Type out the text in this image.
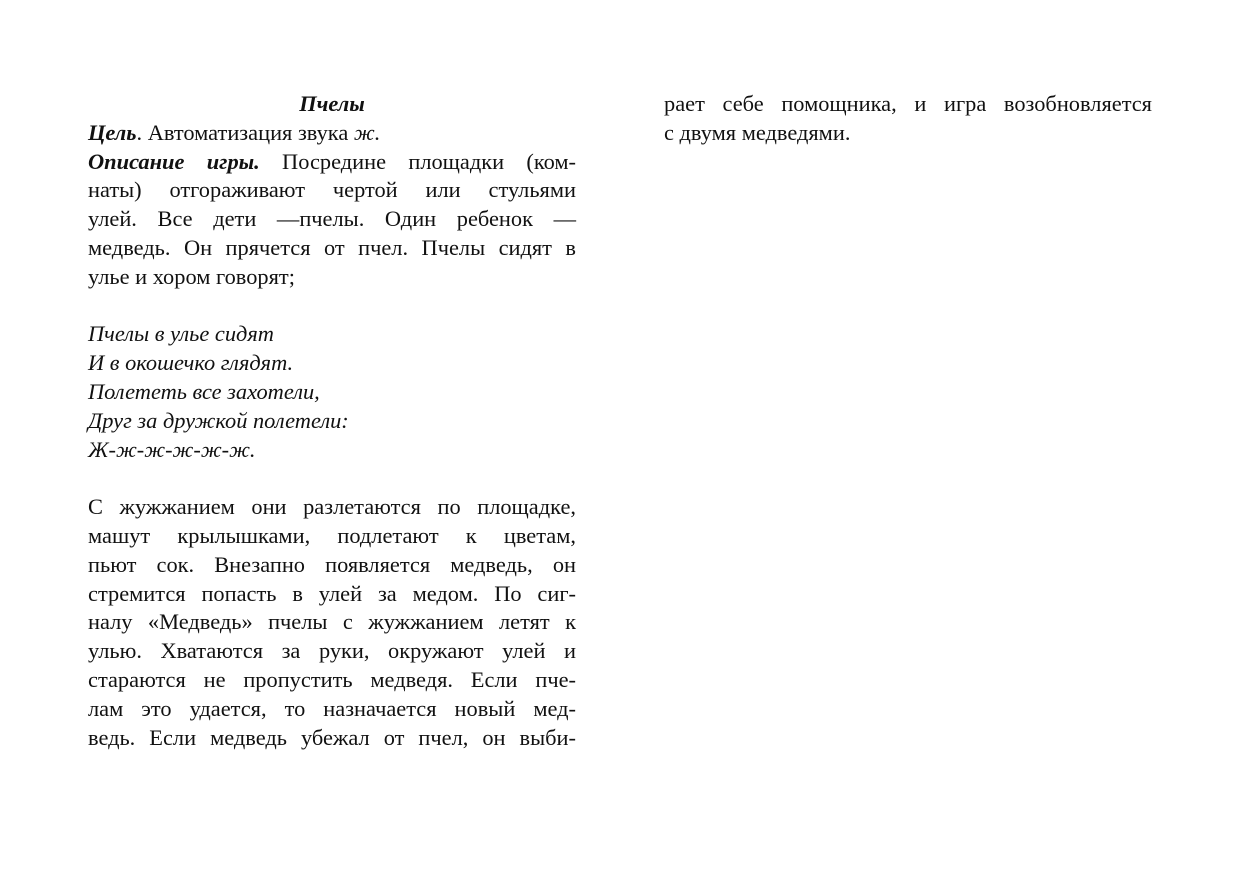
Пчелы
Цель. Автоматизация звука ж.
Описание игры. Посредине площадки (ком-
наты) отгораживают чертой или стульями
улей. Все дети —пчелы. Один ребенок —
медведь. Он прячется от пчел. Пчелы сидят в
улье и хором говорят;
Пчелы в улье сидят
И в окошечко глядят.
Полететь все захотели,
Друг за дружкой полетели:
Ж-ж-ж-ж-ж-ж.
С жужжанием они разлетаются по площадке,
машут крылышками, подлетают к цветам,
пьют сок. Внезапно появляется медведь, он
стремится попасть в улей за медом. По сиг-
налу «Медведь» пчелы с жужжанием летят к
улью. Хватаются за руки, окружают улей и
стараются не пропустить медведя. Если пче-
лам это удается, то назначается новый мед-
ведь. Если медведь убежал от пчел, он выби-
рает себе помощника, и игра возобновляется
с двумя медведями.
